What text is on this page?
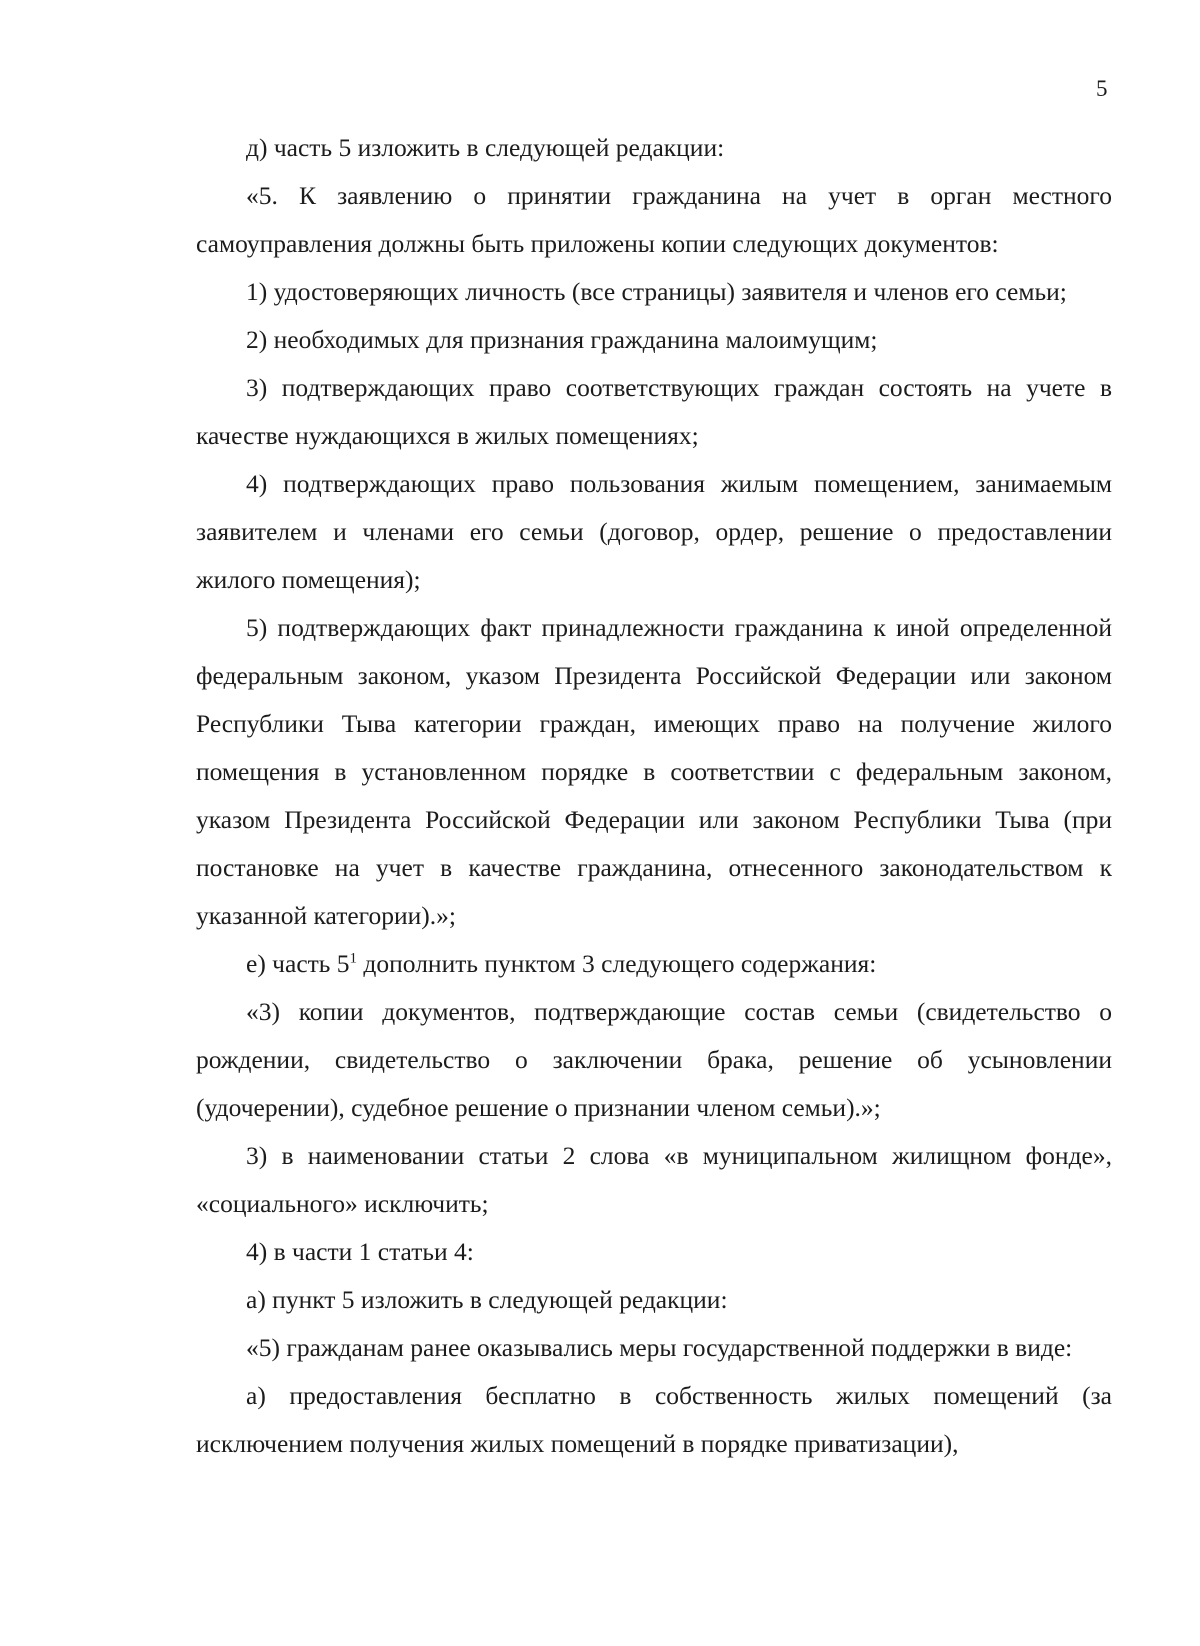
5

д) часть 5 изложить в следующей редакции:

«5. К заявлению о принятии гражданина на учет в орган местного самоуправления должны быть приложены копии следующих документов:

1) удостоверяющих личность (все страницы) заявителя и членов его семьи;

2) необходимых для признания гражданина малоимущим;

3) подтверждающих право соответствующих граждан состоять на учете в качестве нуждающихся в жилых помещениях;

4) подтверждающих право пользования жилым помещением, занимаемым заявителем и членами его семьи (договор, ордер, решение о предоставлении жилого помещения);

5) подтверждающих факт принадлежности гражданина к иной определенной федеральным законом, указом Президента Российской Федерации или законом Республики Тыва категории граждан, имеющих право на получение жилого помещения в установленном порядке в соответствии с федеральным законом, указом Президента Российской Федерации или законом Республики Тыва (при постановке на учет в качестве гражданина, отнесенного законодательством к указанной категории).»;

е) часть $5^1$ дополнить пунктом 3 следующего содержания:

«3) копии документов, подтверждающие состав семьи (свидетельство о рождении, свидетельство о заключении брака, решение об усыновлении (удочерении), судебное решение о признании членом семьи).»;

3) в наименовании статьи 2 слова «в муниципальном жилищном фонде», «социального» исключить;

4) в части 1 статьи 4:

а) пункт 5 изложить в следующей редакции:

«5) гражданам ранее оказывались меры государственной поддержки в виде:

а) предоставления бесплатно в собственность жилых помещений (за исключением получения жилых помещений в порядке приватизации),
